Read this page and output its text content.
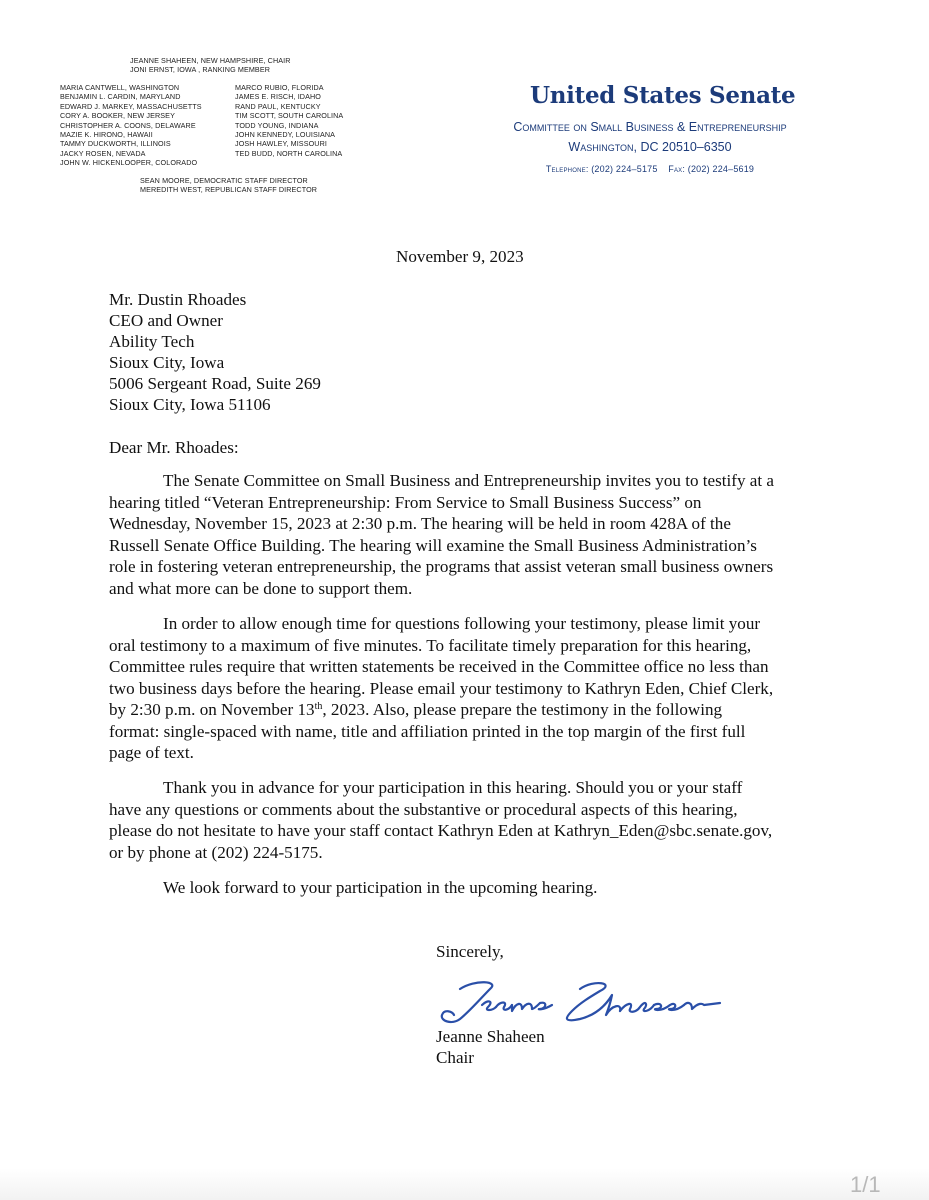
JEANNE SHAHEEN, NEW HAMPSHIRE, CHAIR
JONI ERNST, IOWA , RANKING MEMBER
MARIA CANTWELL, WASHINGTON
BENJAMIN L. CARDIN, MARYLAND
EDWARD J. MARKEY, MASSACHUSETTS
CORY A. BOOKER, NEW JERSEY
CHRISTOPHER A. COONS, DELAWARE
MAZIE K. HIRONO, HAWAII
TAMMY DUCKWORTH, ILLINOIS
JACKY ROSEN, NEVADA
JOHN W. HICKENLOOPER, COLORADO
MARCO RUBIO, FLORIDA
JAMES E. RISCH, IDAHO
RAND PAUL, KENTUCKY
TIM SCOTT, SOUTH CAROLINA
TODD YOUNG, INDIANA
JOHN KENNEDY, LOUISIANA
JOSH HAWLEY, MISSOURI
TED BUDD, NORTH CAROLINA
SEAN MOORE, DEMOCRATIC STAFF DIRECTOR
MEREDITH WEST, REPUBLICAN STAFF DIRECTOR
United States Senate
Committee on Small Business & Entrepreneurship
Washington, DC 20510–6350
Telephone: (202) 224–5175 Fax: (202) 224–5619
November 9, 2023
Mr. Dustin Rhoades
CEO and Owner
Ability Tech
Sioux City, Iowa
5006 Sergeant Road, Suite 269
Sioux City, Iowa 51106
Dear Mr. Rhoades:
The Senate Committee on Small Business and Entrepreneurship invites you to testify at a
hearing titled “Veteran Entrepreneurship: From Service to Small Business Success” on
Wednesday, November 15, 2023 at 2:30 p.m. The hearing will be held in room 428A of the
Russell Senate Office Building. The hearing will examine the Small Business Administration’s
role in fostering veteran entrepreneurship, the programs that assist veteran small business owners
and what more can be done to support them.
In order to allow enough time for questions following your testimony, please limit your
oral testimony to a maximum of five minutes. To facilitate timely preparation for this hearing,
Committee rules require that written statements be received in the Committee office no less than
two business days before the hearing. Please email your testimony to Kathryn Eden, Chief Clerk,
by 2:30 p.m. on November 13th, 2023. Also, please prepare the testimony in the following
format: single-spaced with name, title and affiliation printed in the top margin of the first full
page of text.
Thank you in advance for your participation in this hearing. Should you or your staff
have any questions or comments about the substantive or procedural aspects of this hearing,
please do not hesitate to have your staff contact Kathryn Eden at Kathryn_Eden@sbc.senate.gov,
or by phone at (202) 224-5175.
We look forward to your participation in the upcoming hearing.
Sincerely,
Jeanne Shaheen
Chair
1/1
